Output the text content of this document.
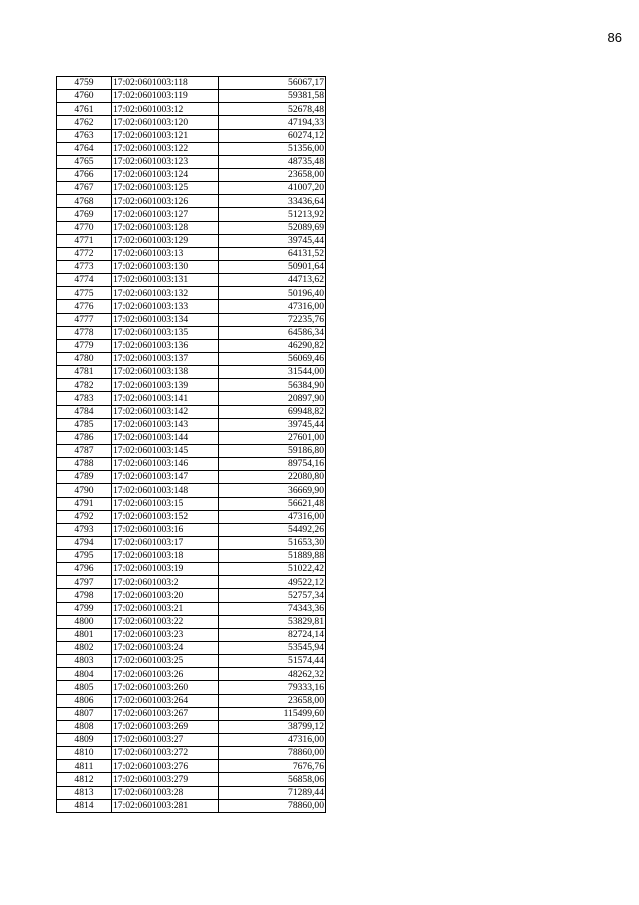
86
4759	17:02:0601003:118	56067,17
4760	17:02:0601003:119	59381,58
4761	17:02:0601003:12	52678,48
4762	17:02:0601003:120	47194,33
4763	17:02:0601003:121	60274,12
4764	17:02:0601003:122	51356,00
4765	17:02:0601003:123	48735,48
4766	17:02:0601003:124	23658,00
4767	17:02:0601003:125	41007,20
4768	17:02:0601003:126	33436,64
4769	17:02:0601003:127	51213,92
4770	17:02:0601003:128	52089,69
4771	17:02:0601003:129	39745,44
4772	17:02:0601003:13	64131,52
4773	17:02:0601003:130	50901,64
4774	17:02:0601003:131	44713,62
4775	17:02:0601003:132	50196,40
4776	17:02:0601003:133	47316,00
4777	17:02:0601003:134	72235,76
4778	17:02:0601003:135	64586,34
4779	17:02:0601003:136	46290,82
4780	17:02:0601003:137	56069,46
4781	17:02:0601003:138	31544,00
4782	17:02:0601003:139	56384,90
4783	17:02:0601003:141	20897,90
4784	17:02:0601003:142	69948,82
4785	17:02:0601003:143	39745,44
4786	17:02:0601003:144	27601,00
4787	17:02:0601003:145	59186,80
4788	17:02:0601003:146	89754,16
4789	17:02:0601003:147	22080,80
4790	17:02:0601003:148	36669,90
4791	17:02:0601003:15	56621,48
4792	17:02:0601003:152	47316,00
4793	17:02:0601003:16	54492,26
4794	17:02:0601003:17	51653,30
4795	17:02:0601003:18	51889,88
4796	17:02:0601003:19	51022,42
4797	17:02:0601003:2	49522,12
4798	17:02:0601003:20	52757,34
4799	17:02:0601003:21	74343,36
4800	17:02:0601003:22	53829,81
4801	17:02:0601003:23	82724,14
4802	17:02:0601003:24	53545,94
4803	17:02:0601003:25	51574,44
4804	17:02:0601003:26	48262,32
4805	17:02:0601003:260	79333,16
4806	17:02:0601003:264	23658,00
4807	17:02:0601003:267	115499,60
4808	17:02:0601003:269	38799,12
4809	17:02:0601003:27	47316,00
4810	17:02:0601003:272	78860,00
4811	17:02:0601003:276	7676,76
4812	17:02:0601003:279	56858,06
4813	17:02:0601003:28	71289,44
4814	17:02:0601003:281	78860,00
